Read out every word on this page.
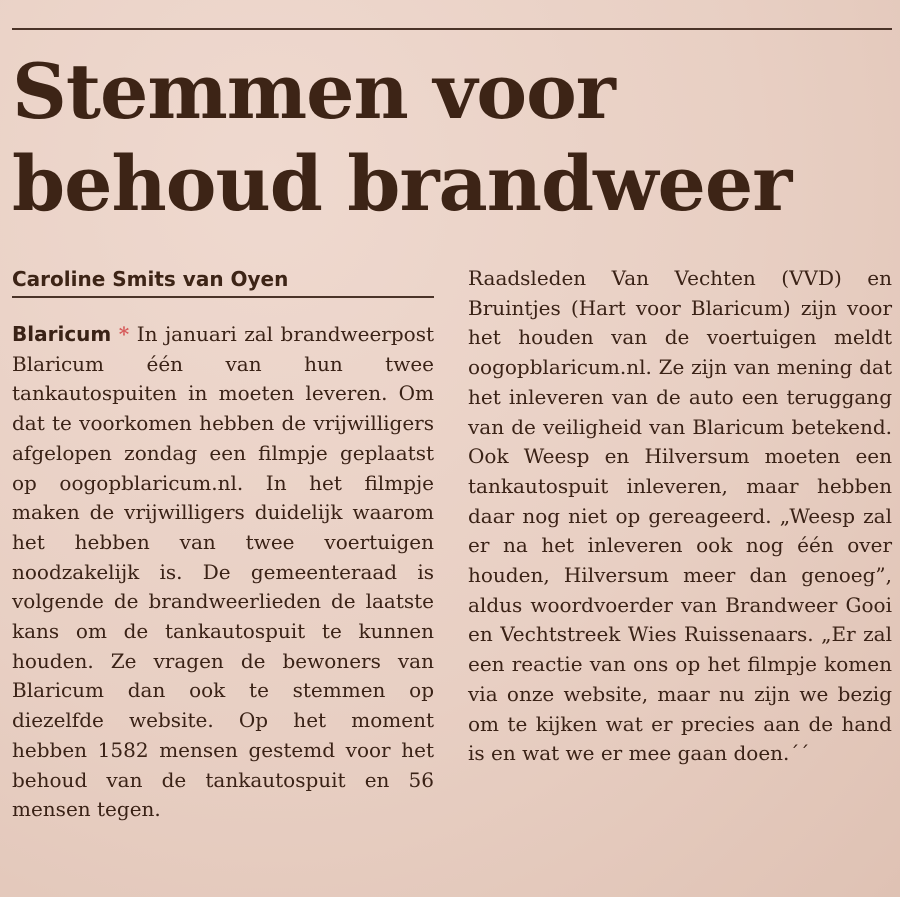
Stemmen voor behoud brandweer
Caroline Smits van Oyen

Blaricum * In januari zal brandweerpost Blaricum één van hun twee tankautospuiten in moeten leveren. Om dat te voorkomen hebben de vrijwilligers afgelopen zondag een filmpje geplaatst op oogopblaricum.nl. In het filmpje maken de vrijwilligers duidelijk waarom het hebben van twee voertuigen noodzakelijk is. De gemeenteraad is volgende de brandweerlieden de laatste kans om de tankautospuit te kunnen houden. Ze vragen de bewoners van Blaricum dan ook te stemmen op diezelfde website. Op het moment hebben 1582 mensen gestemd voor het behoud van de tankautospuit en 56 mensen tegen.

Raadsleden Van Vechten (VVD) en Bruintjes (Hart voor Blaricum) zijn voor het houden van de voertuigen meldt oogopblaricum.nl. Ze zijn van mening dat het inleveren van de auto een teruggang van de veiligheid van Blaricum betekend. Ook Weesp en Hilversum moeten een tankautospuit inleveren, maar hebben daar nog niet op gereageerd. „Weesp zal er na het inleveren ook nog één over houden, Hilversum meer dan genoeg”, aldus woordvoerder van Brandweer Gooi en Vechtstreek Wies Ruissenaars. „Er zal een reactie van ons op het filmpje komen via onze website, maar nu zijn we bezig om te kijken wat er precies aan de hand is en wat we er mee gaan doen.´´
